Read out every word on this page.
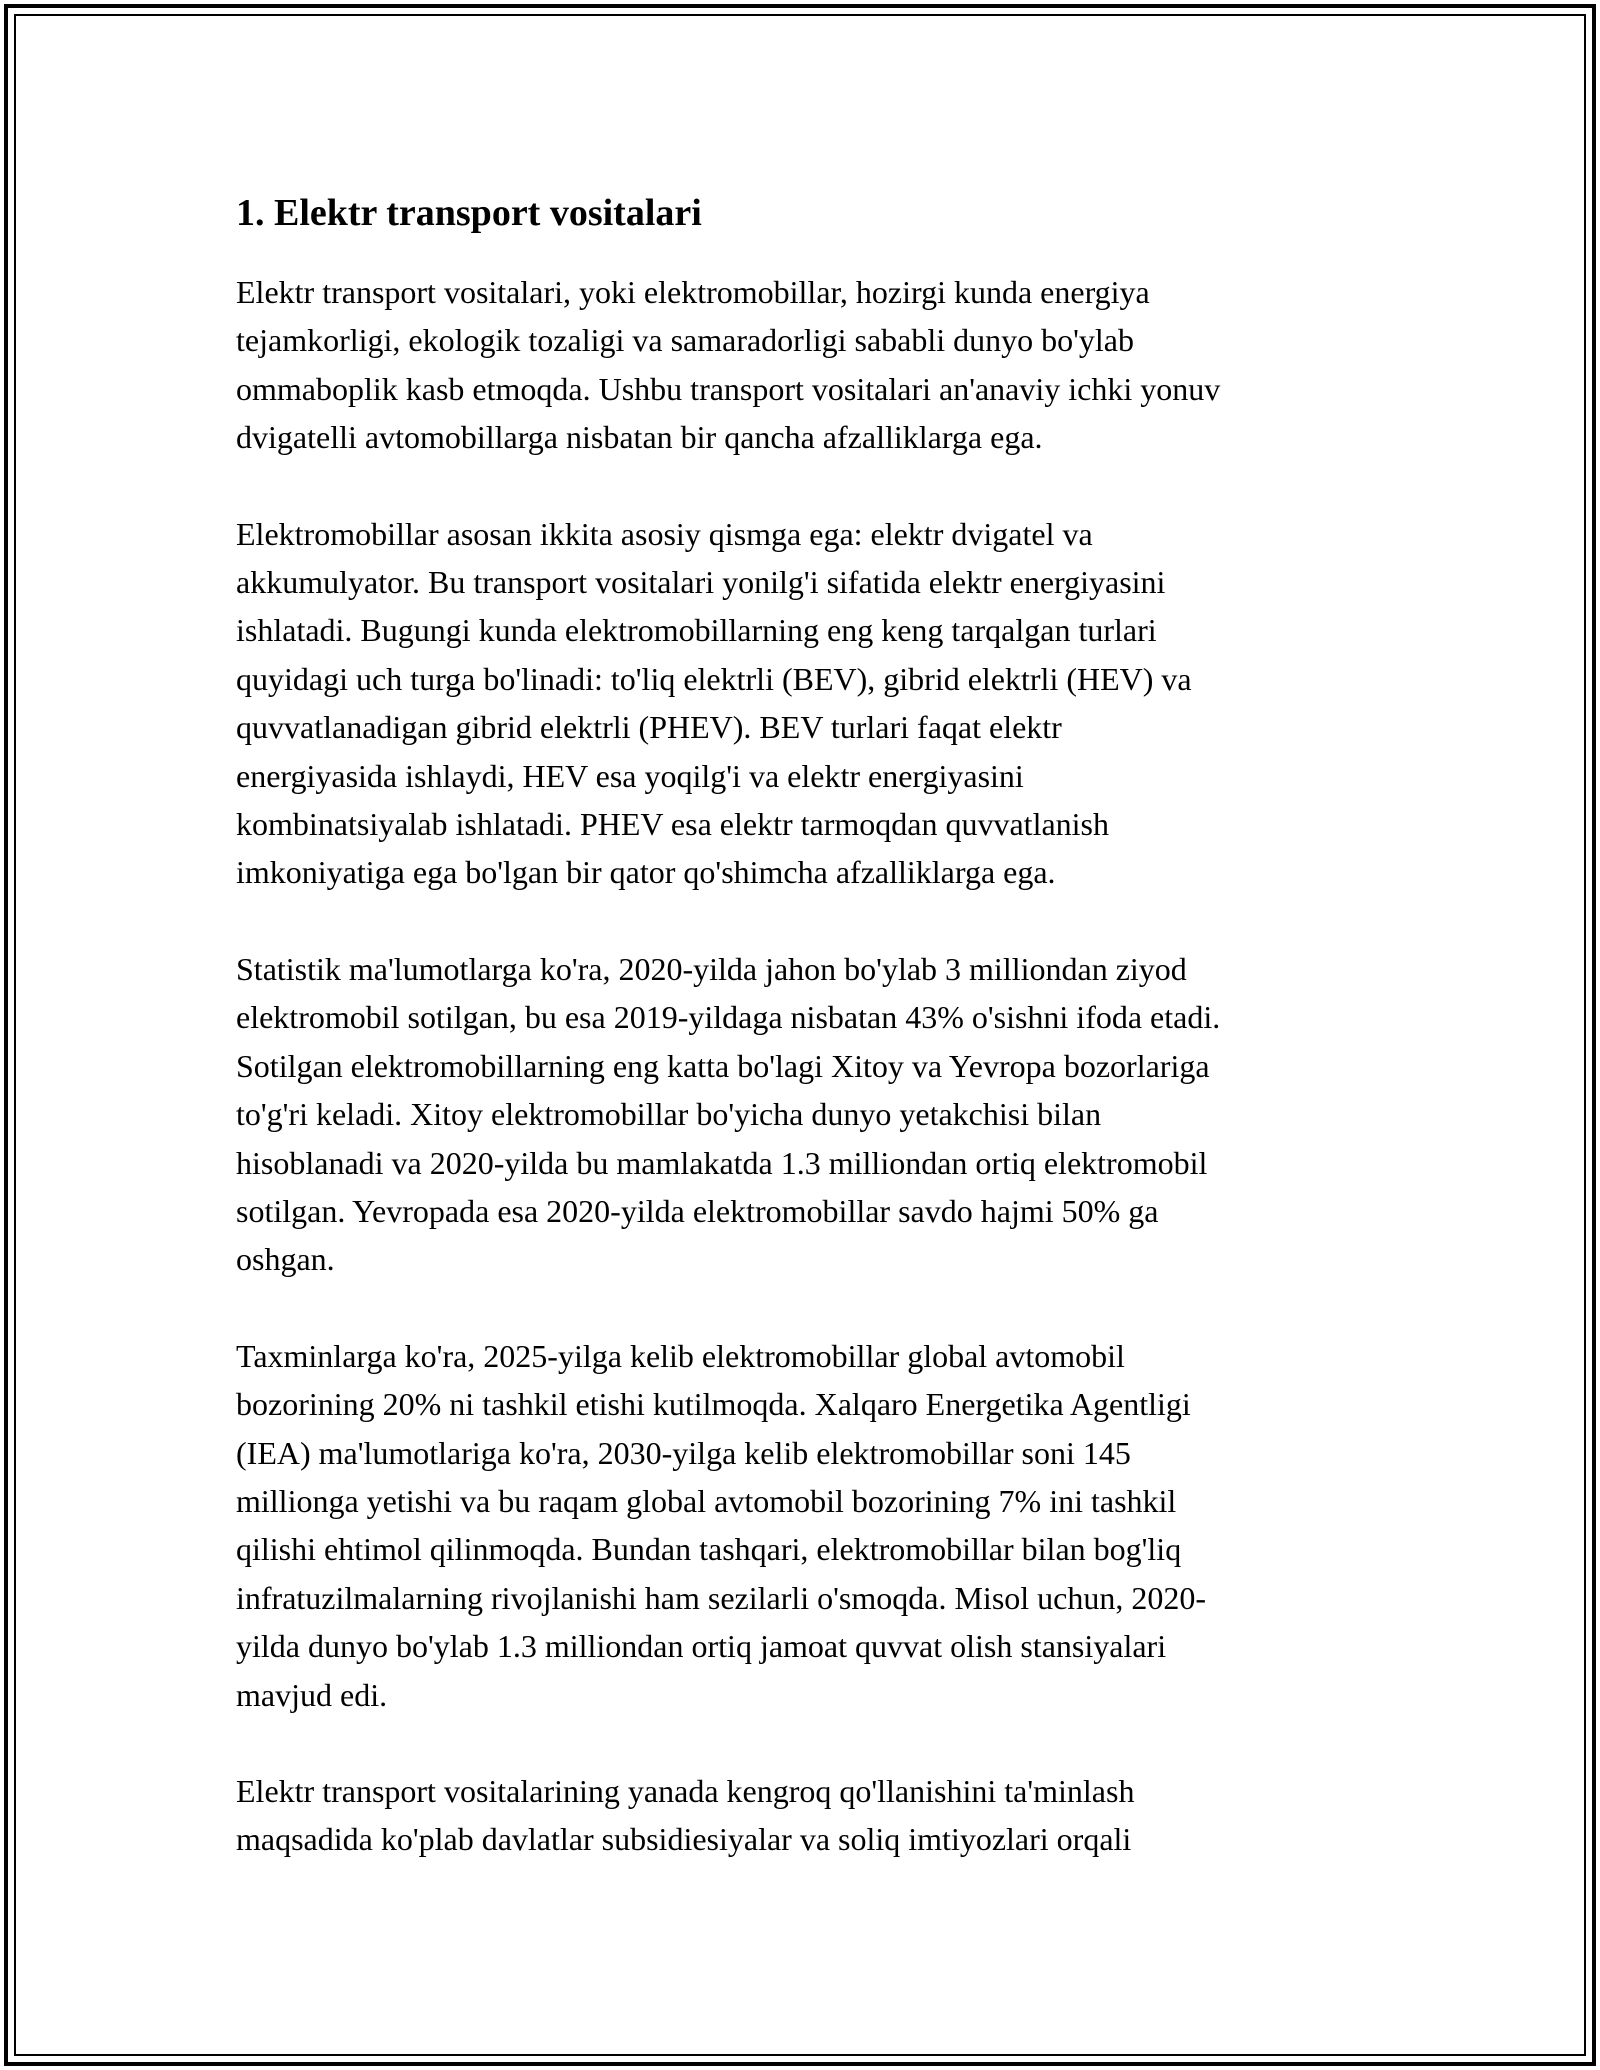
1. Elektr transport vositalari

Elektr transport vositalari, yoki elektromobillar, hozirgi kunda energiya
tejamkorligi, ekologik tozaligi va samaradorligi sababli dunyo bo'ylab
ommaboplik kasb etmoqda. Ushbu transport vositalari an'anaviy ichki yonuv
dvigatelli avtomobillarga nisbatan bir qancha afzalliklarga ega.

Elektromobillar asosan ikkita asosiy qismga ega: elektr dvigatel va
akkumulyator. Bu transport vositalari yonilg'i sifatida elektr energiyasini
ishlatadi. Bugungi kunda elektromobillarning eng keng tarqalgan turlari
quyidagi uch turga bo'linadi: to'liq elektrli (BEV), gibrid elektrli (HEV) va
quvvatlanadigan gibrid elektrli (PHEV). BEV turlari faqat elektr
energiyasida ishlaydi, HEV esa yoqilg'i va elektr energiyasini
kombinatsiyalab ishlatadi. PHEV esa elektr tarmoqdan quvvatlanish
imkoniyatiga ega bo'lgan bir qator qo'shimcha afzalliklarga ega.

Statistik ma'lumotlarga ko'ra, 2020-yilda jahon bo'ylab 3 milliondan ziyod
elektromobil sotilgan, bu esa 2019-yildaga nisbatan 43% o'sishni ifoda etadi.
Sotilgan elektromobillarning eng katta bo'lagi Xitoy va Yevropa bozorlariga
to'g'ri keladi. Xitoy elektromobillar bo'yicha dunyo yetakchisi bilan
hisoblanadi va 2020-yilda bu mamlakatda 1.3 milliondan ortiq elektromobil
sotilgan. Yevropada esa 2020-yilda elektromobillar savdo hajmi 50% ga
oshgan.

Taxminlarga ko'ra, 2025-yilga kelib elektromobillar global avtomobil
bozorining 20% ni tashkil etishi kutilmoqda. Xalqaro Energetika Agentligi
(IEA) ma'lumotlariga ko'ra, 2030-yilga kelib elektromobillar soni 145
millionga yetishi va bu raqam global avtomobil bozorining 7% ini tashkil
qilishi ehtimol qilinmoqda. Bundan tashqari, elektromobillar bilan bog'liq
infratuzilmalarning rivojlanishi ham sezilarli o'smoqda. Misol uchun, 2020-
yilda dunyo bo'ylab 1.3 milliondan ortiq jamoat quvvat olish stansiyalari
mavjud edi.

Elektr transport vositalarining yanada kengroq qo'llanishini ta'minlash
maqsadida ko'plab davlatlar subsidiesiyalar va soliq imtiyozlari orqali
